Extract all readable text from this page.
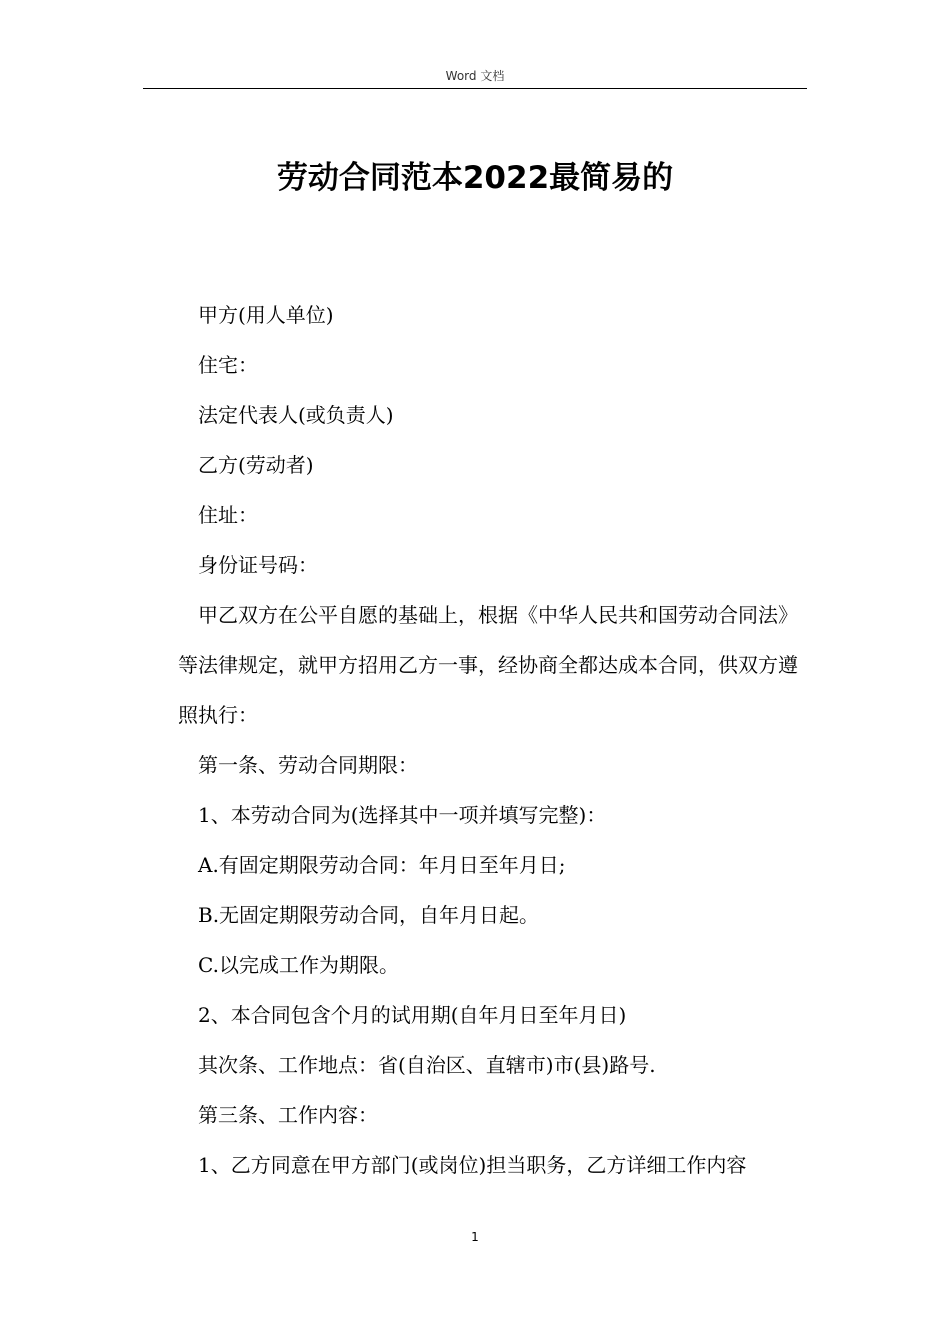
Word 文档
劳动合同范本2022最简易的

甲方(用人单位)

住宅：

法定代表人(或负责人)

乙方(劳动者)

住址：

身份证号码：

甲乙双方在公平自愿的基础上，根据《中华人民共和国劳动合同法》等法律规定，就甲方招用乙方一事，经协商全都达成本合同，供双方遵照执行：

第一条、劳动合同期限：

1、本劳动合同为(选择其中一项并填写完整)：

A.有固定期限劳动合同：年月日至年月日;

B.无固定期限劳动合同，自年月日起。

C.以完成工作为期限。

2、本合同包含个月的试用期(自年月日至年月日)

其次条、工作地点：省(自治区、直辖市)市(县)路号.

第三条、工作内容：

1、乙方同意在甲方部门(或岗位)担当职务，乙方详细工作内容

1
